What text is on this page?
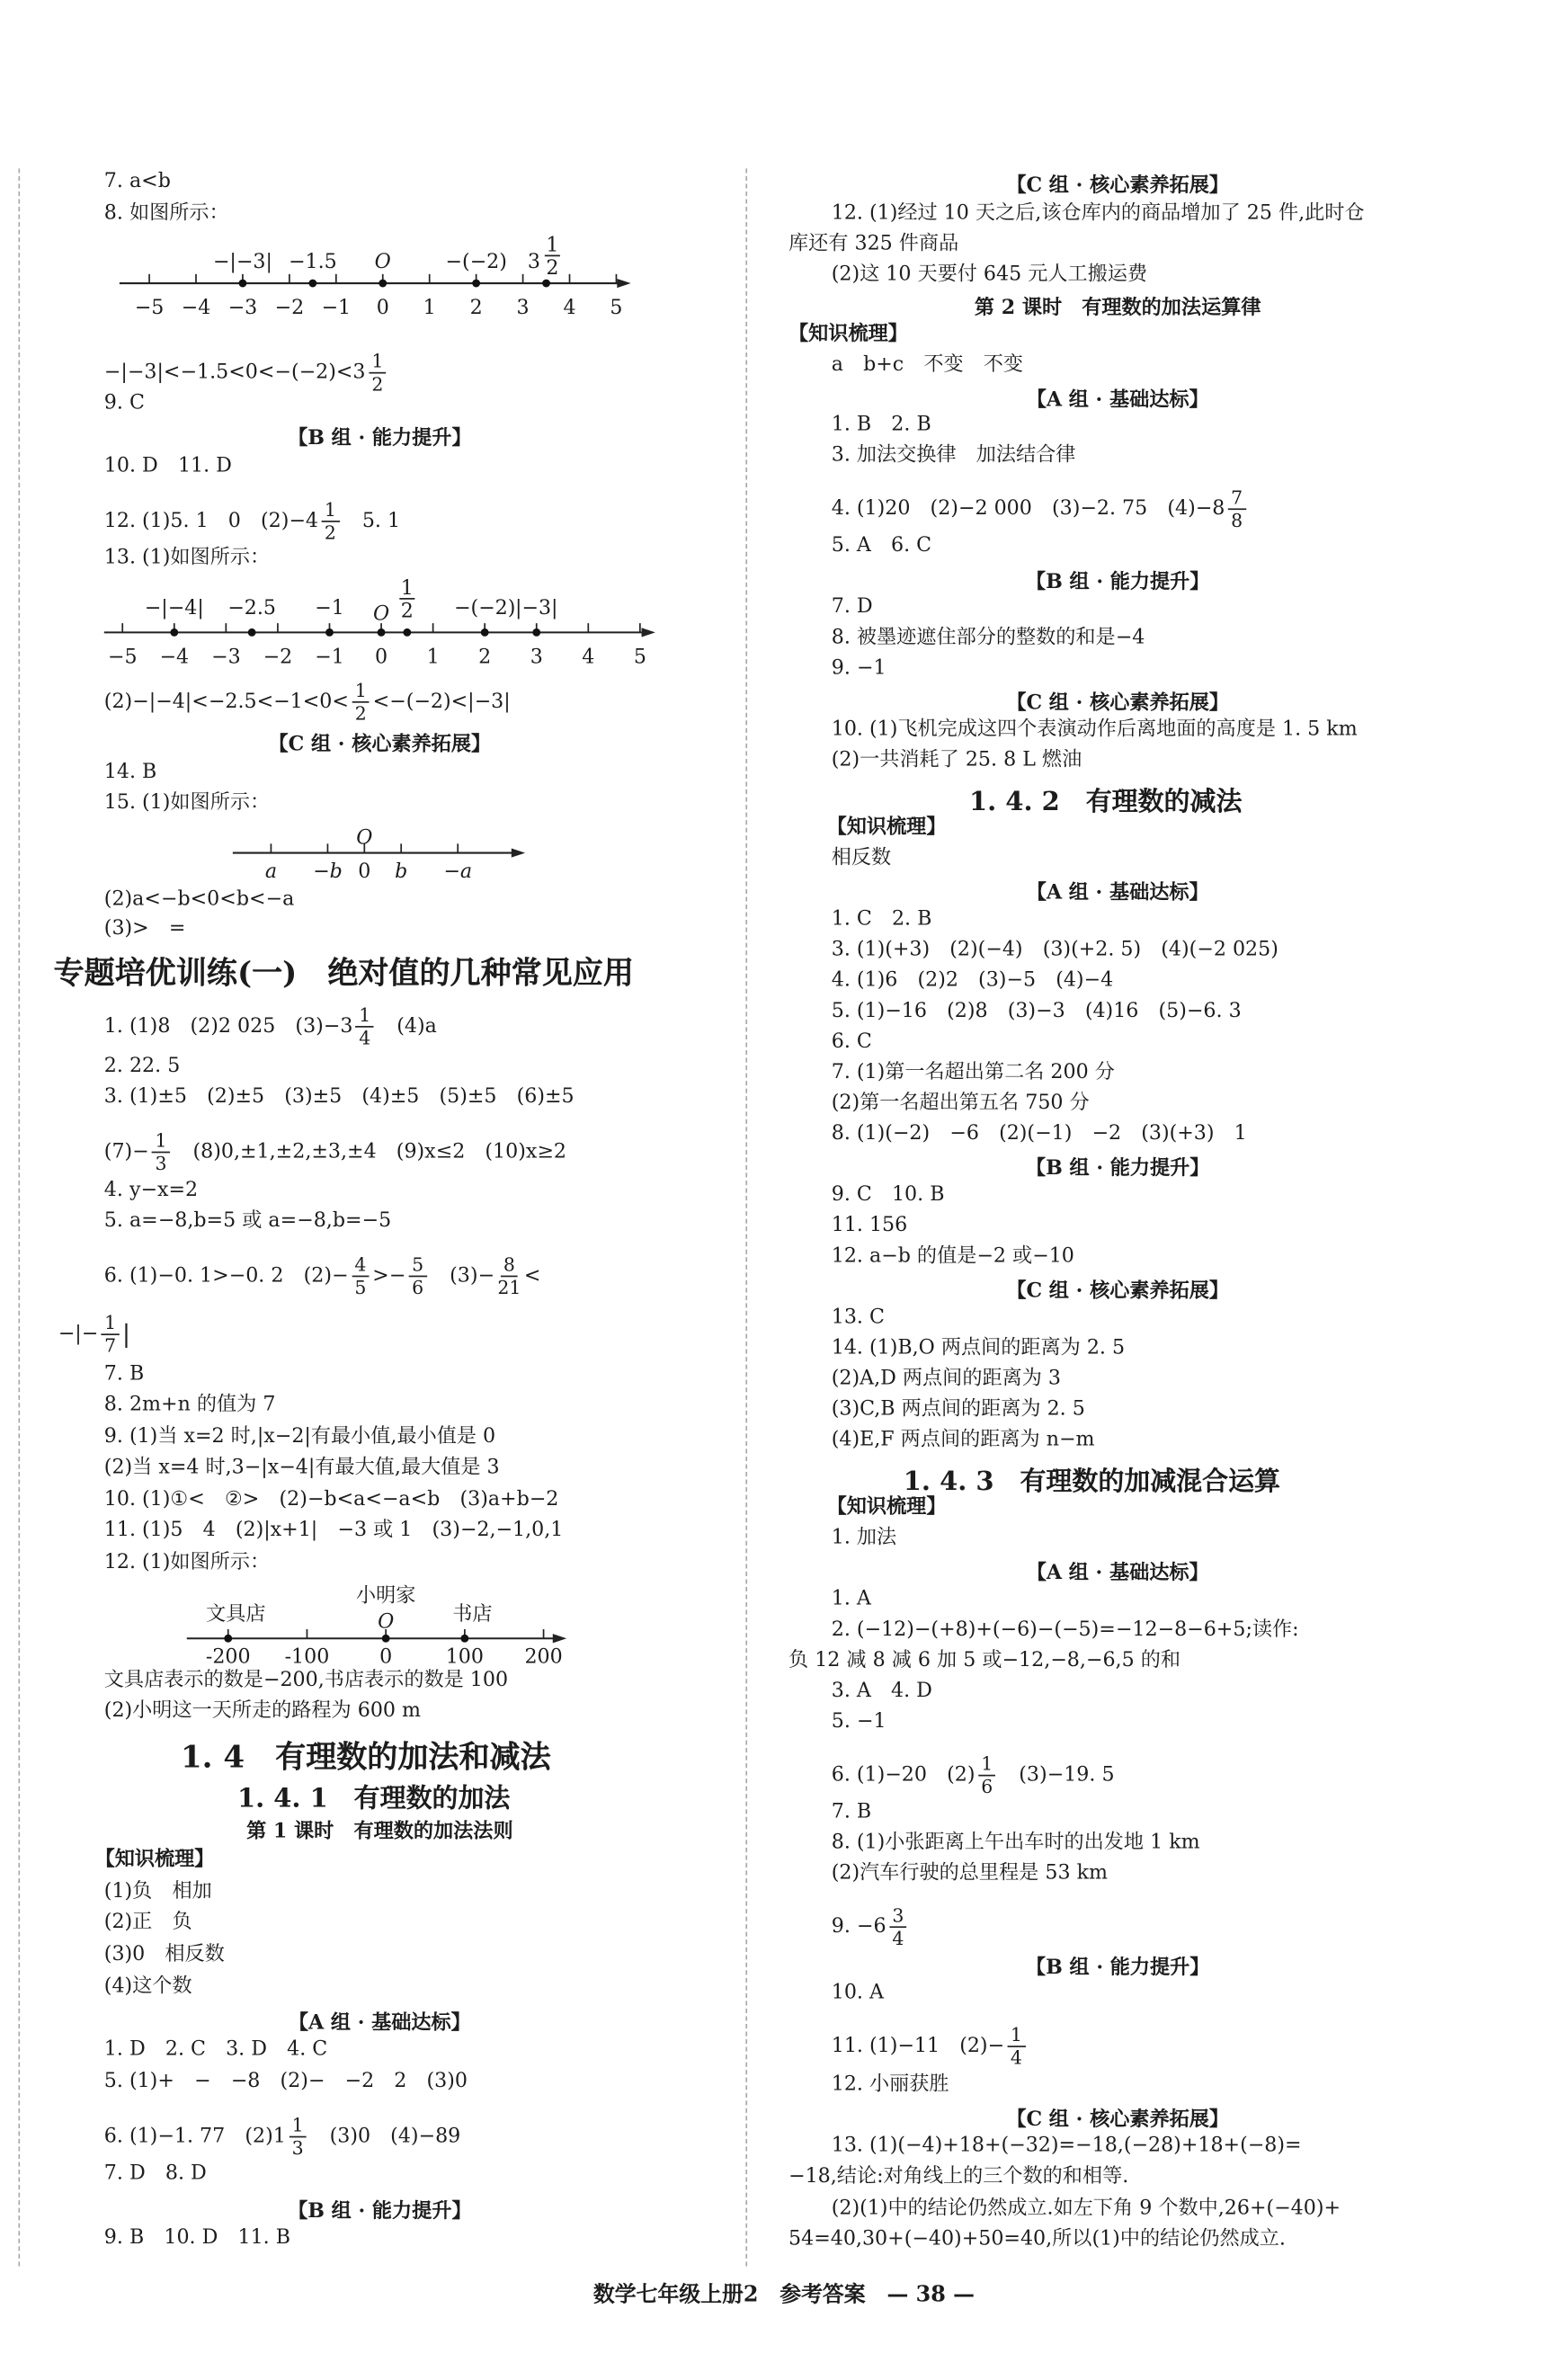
−5 −4 −3 −2 −1 0	1	2	3	4	5
−|−3| −1.5	O	−(−2) 3
1
2
−5 −4 −3 −2 −1	0	1	2	3	4	5
−|−4| −2.5	−1 O
1
2	−(−2) |−3|
a	−b 0 b	−a
O
-200	-100	0	100	200
文具店
小明家
O	书店
7. a<b
8. 如图所示：
$-|-3|<-1.5<0<-(-2)<3 \frac{1}{2}$
9. C
【B 组 · 能力提升】
10. D　11. D
12. (1)5. 1　0　$(2)-4 \frac{1}{2}$
　 5. 1
13. (1)如图所示：
$(2)-|-4|<-2.5<-1<0< \frac{1}{2} <-(-2)<|-3|$
【C 组 · 核心素养拓展】
14. B
15. (1)如图所示：
(2)a<−b<0<b<−a
(3)>　=
专题培优训练(一)　绝对值的几种常见应用
1. (1)8　(2)2 025　$(3)-3 \frac{1}{4}$
　 (4)a
2. 22. 5
3. (1)±5　(2)±5　(3)±5　(4)±5　(5)±5　(6)±5
$(7)- \frac{1}{3}$
　 (8)0,±1,±2,±3,±4　(9)x≤2　(10)x≥2
4. y−x=2
5. a=−8,b=5 或 a=−8,b=−5
6. (1)−0. 1>−0. 2　$(2)- \frac{4}{5} >- \frac{5}{6}$
　 $(3)- \frac{8}{21}$ <
−|− $\frac{1}{7}$ |
7. B
8. 2m+n 的值为 7
9. (1)当 x=2 时,|x−2|有最小值,最小值是 0
(2)当 x=4 时,3−|x−4|有最大值,最大值是 3
10. (1)①<　②>　(2)−b<a<−a<b　(3)a+b−2
11. (1)5　4　(2)|x+1|　−3 或 1　(3)−2,−1,0,1
12. (1)如图所示：
文具店表示的数是−200,书店表示的数是 100
(2)小明这一天所走的路程为 600 m
1. 4　有理数的加法和减法
1. 4. 1　有理数的加法
第 1 课时　有理数的加法法则
【知识梳理】
(1)负　相加
(2)正　负
(3)0　相反数
(4)这个数
【A 组 · 基础达标】
1. D　2. C　3. D　4. C
5. (1)+　−　−8　(2)−　−2　2　(3)0
6. (1)−1. 77　$(2)1 \frac{1}{3}$
　 (3)0　(4)−89
7. D　8. D
【B 组 · 能力提升】
9. B　10. D　11. B
【C 组 · 核心素养拓展】
12. (1)经过 10 天之后,该仓库内的商品增加了 25 件,此时仓
库还有 325 件商品
(2)这 10 天要付 645 元人工搬运费
第 2 课时　有理数的加法运算律
【知识梳理】
a　b+c　不变　不变
【A 组 · 基础达标】
1. B　2. B
3. 加法交换律　加法结合律
4. (1)20　(2)−2 000　(3)−2. 75　$(4)-8 \frac{7}{8}$
5. A　6. C
【B 组 · 能力提升】
7. D
8. 被墨迹遮住部分的整数的和是−4
9. −1
【C 组 · 核心素养拓展】
10. (1)飞机完成这四个表演动作后离地面的高度是 1. 5 km
(2)一共消耗了 25. 8 L 燃油
1. 4. 2　有理数的减法
【知识梳理】
相反数
【A 组 · 基础达标】
1. C　2. B
3. (1)(+3)　(2)(−4)　(3)(+2. 5)　(4)(−2 025)
4. (1)6　(2)2　(3)−5　(4)−4
5. (1)−16　(2)8　(3)−3　(4)16　(5)−6. 3
6. C
7. (1)第一名超出第二名 200 分
(2)第一名超出第五名 750 分
8. (1)(−2)　−6　(2)(−1)　−2　(3)(+3)　1
【B 组 · 能力提升】
9. C　10. B
11. 156
12. a−b 的值是−2 或−10
【C 组 · 核心素养拓展】
13. C
14. (1)B,O 两点间的距离为 2. 5
(2)A,D 两点间的距离为 3
(3)C,B 两点间的距离为 2. 5
(4)E,F 两点间的距离为 n−m
1. 4. 3　有理数的加减混合运算
【知识梳理】
1. 加法
【A 组 · 基础达标】
1. A
2. (−12)−(+8)+(−6)−(−5)=−12−8−6+5;读作:
负 12 减 8 减 6 加 5 或−12,−8,−6,5 的和
3. A　4. D
5. −1
6. (1)−20　$(2) \frac{1}{6}$
　 (3)−19. 5
7. B
8. (1)小张距离上午出车时的出发地 1 km
(2)汽车行驶的总里程是 53 km
9. $-6 \frac{3}{4}$
【B 组 · 能力提升】
10. A
11. (1)−11　$(2)- \frac{1}{4}$
12. 小丽获胜
【C 组 · 核心素养拓展】
13. (1)(−4)+18+(−32)=−18,(−28)+18+(−8)=
−18,结论:对角线上的三个数的和相等.
(2)(1)中的结论仍然成立.如左下角 9 个数中,26+(−40)+
54=40,30+(−40)+50=40,所以(1)中的结论仍然成立.
数学七年级上册2　参考答案　— 38 —
